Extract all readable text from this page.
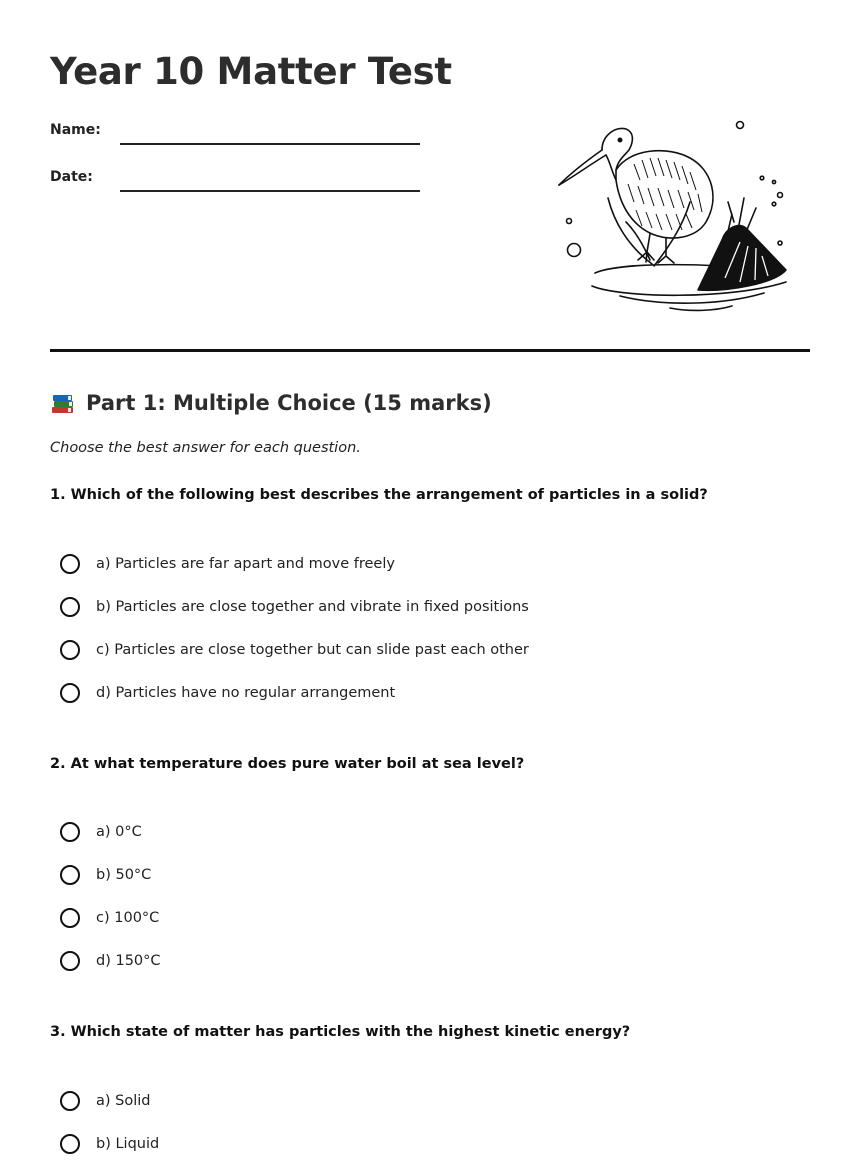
Year 10 Matter Test
Name:
Date:
Part 1: Multiple Choice (15 marks)
Choose the best answer for each question.
1. Which of the following best describes the arrangement of particles in a solid?
a) Particles are far apart and move freely
b) Particles are close together and vibrate in fixed positions
c) Particles are close together but can slide past each other
d) Particles have no regular arrangement
2. At what temperature does pure water boil at sea level?
a) 0°C
b) 50°C
c) 100°C
d) 150°C
3. Which state of matter has particles with the highest kinetic energy?
a) Solid
b) Liquid
